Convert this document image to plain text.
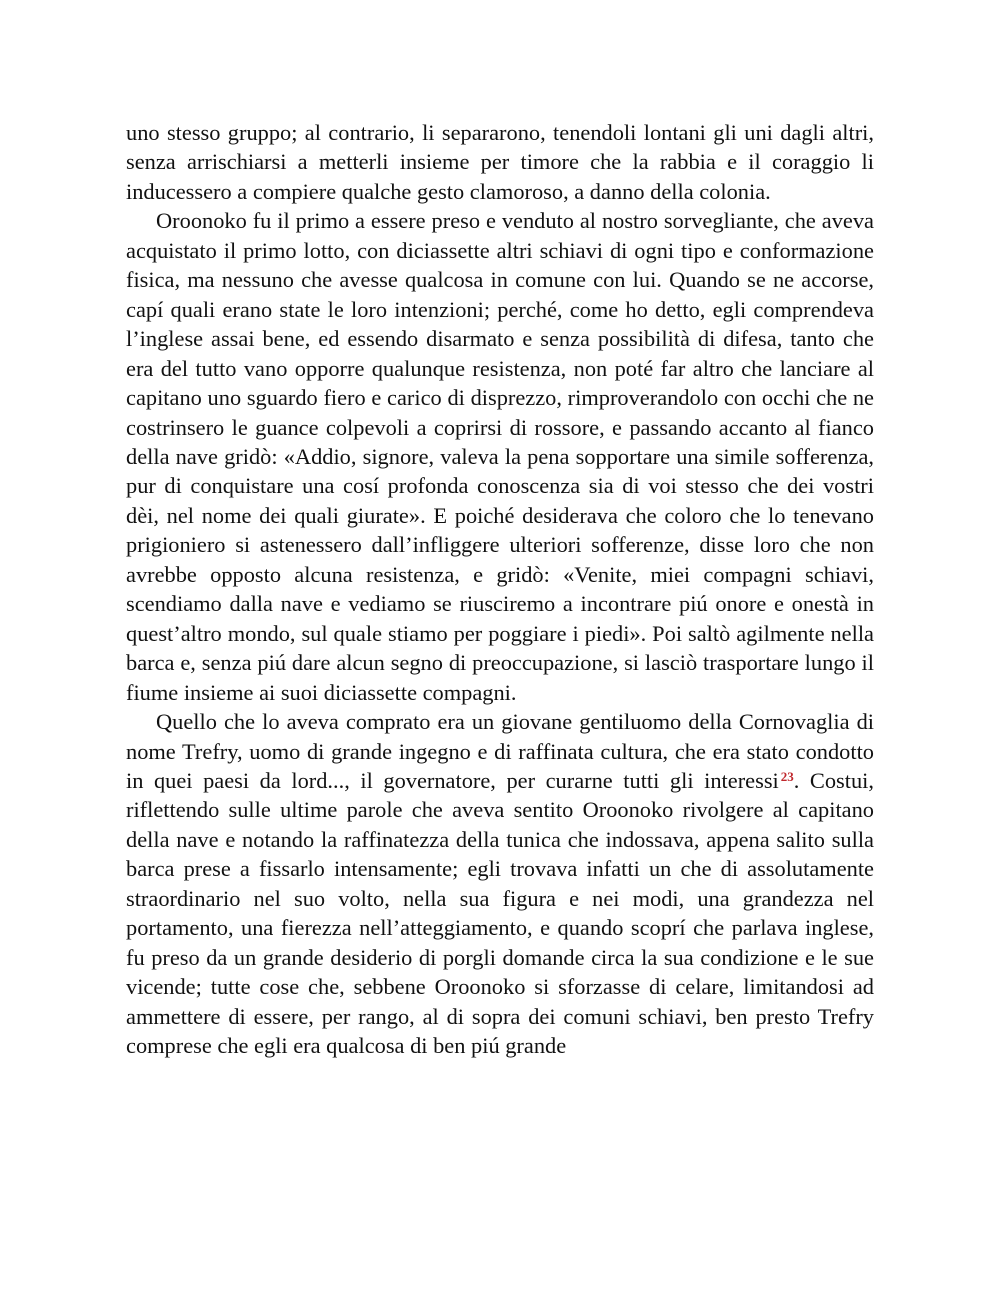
uno stesso gruppo; al contrario, li separarono, tenendoli lontani gli uni dagli altri, senza arrischiarsi a metterli insieme per timore che la rabbia e il coraggio li inducessero a compiere qualche gesto clamoroso, a danno della colonia.

Oroonoko fu il primo a essere preso e venduto al nostro sorvegliante, che aveva acquistato il primo lotto, con diciassette altri schiavi di ogni tipo e conformazione fisica, ma nessuno che avesse qualcosa in comune con lui. Quando se ne accorse, capí quali erano state le loro intenzioni; perché, come ho detto, egli comprendeva l’inglese assai bene, ed essendo disarmato e senza possibilità di difesa, tanto che era del tutto vano opporre qualunque resistenza, non poté far altro che lanciare al capitano uno sguardo fiero e carico di disprezzo, rimproverandolo con occhi che ne costrinsero le guance colpevoli a coprirsi di rossore, e passando accanto al fianco della nave gridò: «Addio, signore, valeva la pena sopportare una simile sofferenza, pur di conquistare una cosí profonda conoscenza sia di voi stesso che dei vostri dèi, nel nome dei quali giurate». E poiché desiderava che coloro che lo tenevano prigioniero si astenessero dall’infliggere ulteriori sofferenze, disse loro che non avrebbe opposto alcuna resistenza, e gridò: «Venite, miei compagni schiavi, scendiamo dalla nave e vediamo se riusciremo a incontrare piú onore e onestà in quest’altro mondo, sul quale stiamo per poggiare i piedi». Poi saltò agilmente nella barca e, senza piú dare alcun segno di preoccupazione, si lasciò trasportare lungo il fiume insieme ai suoi diciassette compagni.

Quello che lo aveva comprato era un giovane gentiluomo della Cornovaglia di nome Trefry, uomo di grande ingegno e di raffinata cultura, che era stato condotto in quei paesi da lord..., il governatore, per curarne tutti gli interessi $^{23}$. Costui, riflettendo sulle ultime parole che aveva sentito Oroonoko rivolgere al capitano della nave e notando la raffinatezza della tunica che indossava, appena salito sulla barca prese a fissarlo intensamente; egli trovava infatti un che di assolutamente straordinario nel suo volto, nella sua figura e nei modi, una grandezza nel portamento, una fierezza nell’atteggiamento, e quando scoprí che parlava inglese, fu preso da un grande desiderio di porgli domande circa la sua condizione e le sue vicende; tutte cose che, sebbene Oroonoko si sforzasse di celare, limitandosi ad ammettere di essere, per rango, al di sopra dei comuni schiavi, ben presto Trefry comprese che egli era qualcosa di ben piú grande
